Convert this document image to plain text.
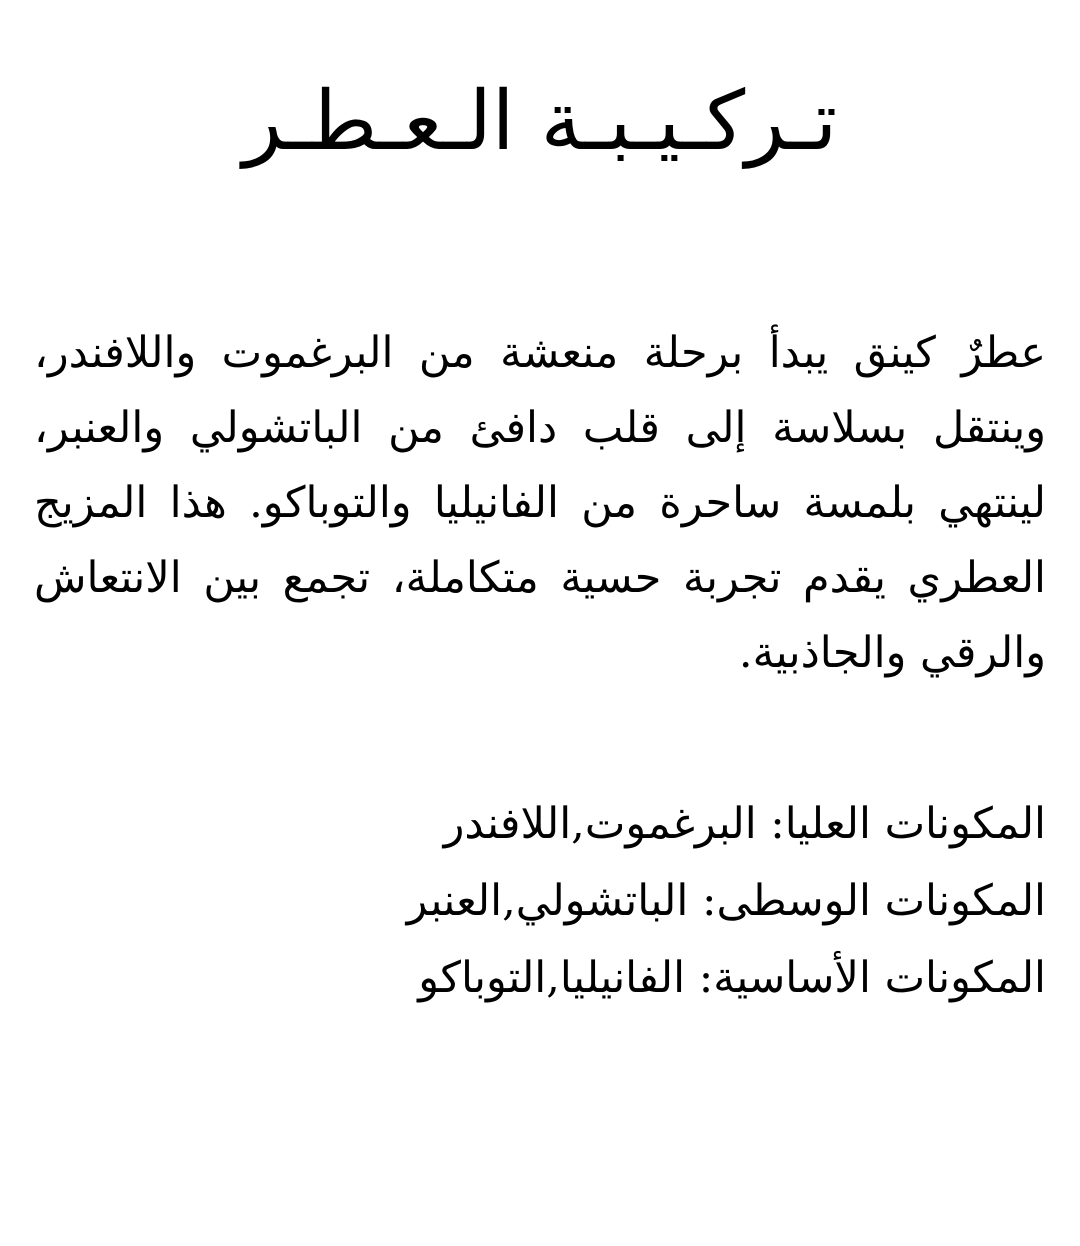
تـركـيـبـة الـعـطـر

عطرٌ كينق يبدأ برحلة منعشة من البرغموت واللافندر، وينتقل بسلاسة إلى قلب دافئ من الباتشولي والعنبر، لينتهي بلمسة ساحرة من الفانيليا والتوباكو. هذا المزيج العطري يقدم تجربة حسية متكاملة، تجمع بين الانتعاش والرقي والجاذبية.

المكونات العليا: البرغموت,اللافندر
المكونات الوسطى: الباتشولي,العنبر
المكونات الأساسية: الفانيليا,التوباكو
